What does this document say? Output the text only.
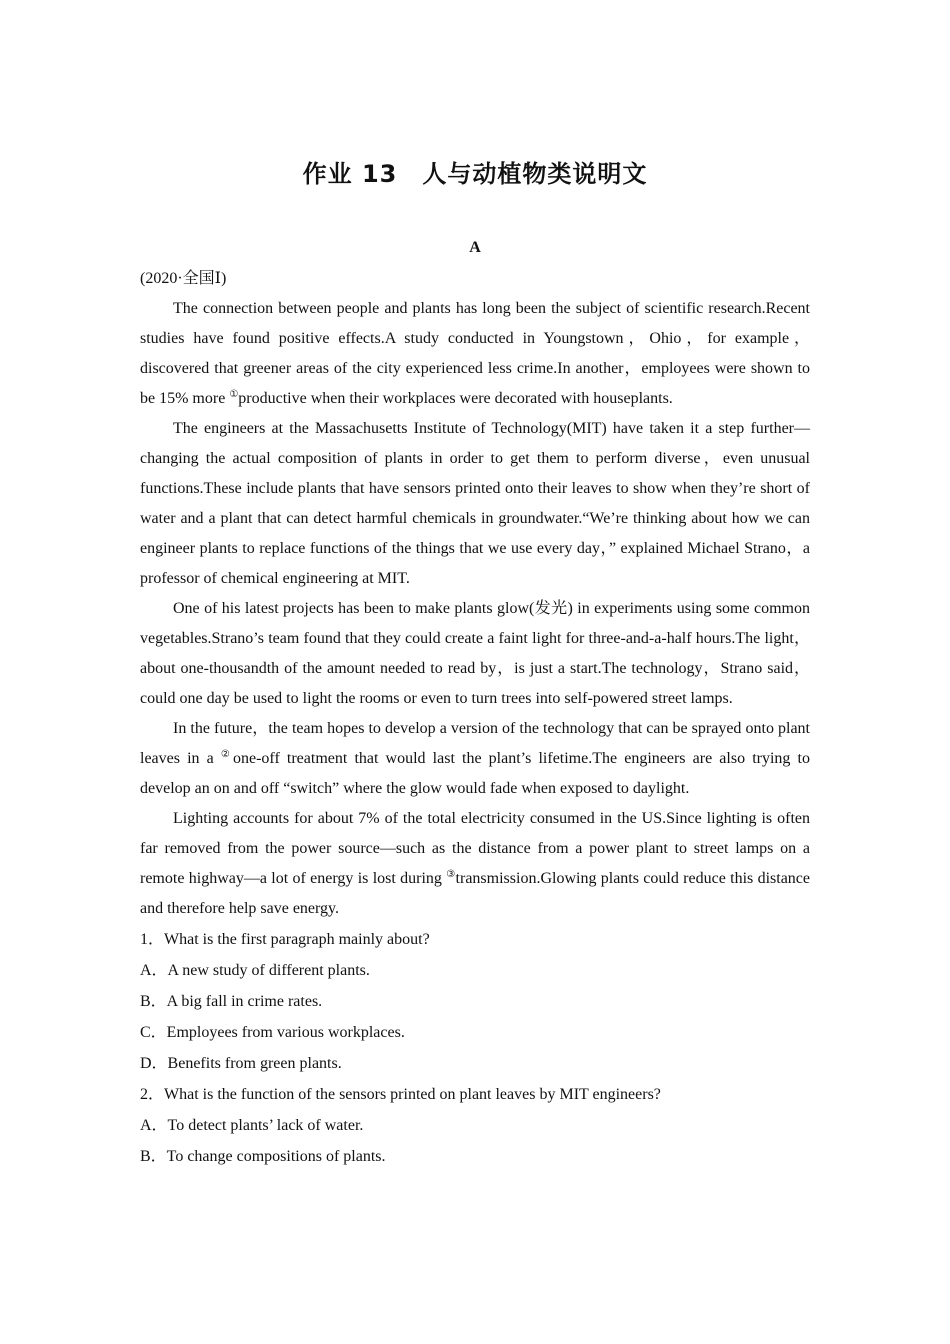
作业 13　人与动植物类说明文
A

(2020·全国Ⅰ)

The connection between people and plants has long been the subject of scientific research.Recent studies have found positive effects.A study conducted in Youngstown，Ohio，for example，discovered that greener areas of the city experienced less crime.In another，employees were shown to be 15% more ①productive when their workplaces were decorated with houseplants.

The engineers at the Massachusetts Institute of Technology(MIT) have taken it a step further—changing the actual composition of plants in order to get them to perform diverse，even unusual functions.These include plants that have sensors printed onto their leaves to show when they’re short of water and a plant that can detect harmful chemicals in groundwater.“We’re thinking about how we can engineer plants to replace functions of the things that we use every day，” explained Michael Strano，a professor of chemical engineering at MIT.

One of his latest projects has been to make plants glow(发光) in experiments using some common vegetables.Strano’s team found that they could create a faint light for three-and-a-half hours.The light，about one-thousandth of the amount needed to read by，is just a start.The technology，Strano said，could one day be used to light the rooms or even to turn trees into self-powered street lamps.

In the future，the team hopes to develop a version of the technology that can be sprayed onto plant leaves in a ②one-off treatment that would last the plant’s lifetime.The engineers are also trying to develop an on and off “switch” where the glow would fade when exposed to daylight.

Lighting accounts for about 7% of the total electricity consumed in the US.Since lighting is often far removed from the power source—such as the distance from a power plant to street lamps on a remote highway—a lot of energy is lost during ③transmission.Glowing plants could reduce this distance and therefore help save energy.

1．What is the first paragraph mainly about?

A．A new study of different plants.

B．A big fall in crime rates.

C．Employees from various workplaces.

D．Benefits from green plants.

2．What is the function of the sensors printed on plant leaves by MIT engineers?

A．To detect plants’ lack of water.

B．To change compositions of plants.
